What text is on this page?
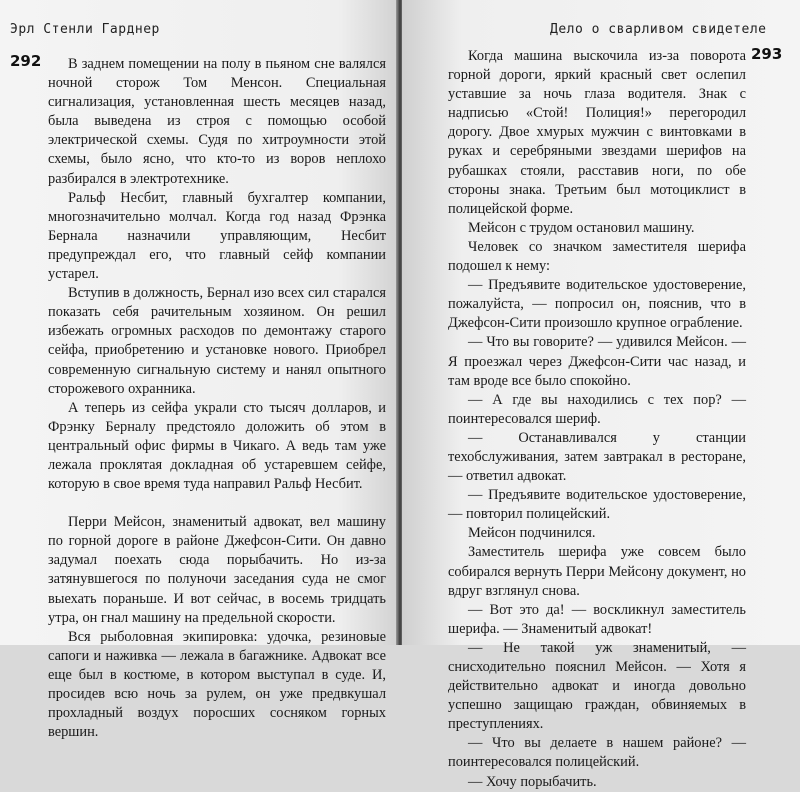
Эрл Стенли Гарднер
292	В заднем помещении на полу в пьяном сне валялся ночной сторож Том Менсон. Специальная сигнализация, установленная шесть месяцев назад, была выведена из строя с помощью особой электрической схемы. Судя по хитроумности этой схемы, было ясно, что кто-то из воров неплохо разбирался в электротехнике.

Ральф Несбит, главный бухгалтер компании, многозначительно молчал. Когда год назад Фрэнка Бернала назначили управляющим, Несбит предупреждал его, что главный сейф компании устарел.

Вступив в должность, Бернал изо всех сил старался показать себя рачительным хозяином. Он решил избежать огромных расходов по демонтажу старого сейфа, приобретению и установке нового. Приобрел современную сигнальную систему и нанял опытного сторожевого охранника.

А теперь из сейфа украли сто тысяч долларов, и Фрэнку Берналу предстояло доложить об этом в центральный офис фирмы в Чикаго. А ведь там уже лежала проклятая докладная об устаревшем сейфе, которую в свое время туда направил Ральф Несбит.

Перри Мейсон, знаменитый адвокат, вел машину по горной дороге в районе Джефсон-Сити. Он давно задумал поехать сюда порыбачить. Но из-за затянувшегося по полуночи заседания суда не смог выехать пораньше. И вот сейчас, в восемь тридцать утра, он гнал машину на предельной скорости.

Вся рыболовная экипировка: удочка, резиновые сапоги и наживка — лежала в багажнике. Адвокат все еще был в костюме, в котором выступал в суде. И, просидев всю ночь за рулем, он уже предвкушал прохладный воздух поросших сосняком горных вершин.

Дело о сварливом свидетеле
293

Когда машина выскочила из-за поворота горной дороги, яркий красный свет ослепил уставшие за ночь глаза водителя. Знак с надписью «Стой! Полиция!» перегородил дорогу. Двое хмурых мужчин с винтовками в руках и серебряными звездами шерифов на рубашках стояли, расставив ноги, по обе стороны знака. Третьим был мотоциклист в полицейской форме.

Мейсон с трудом остановил машину.

Человек со значком заместителя шерифа подошел к нему:

— Предъявите водительское удостоверение, пожалуйста, — попросил он, пояснив, что в Джефсон-Сити произошло крупное ограбление.

— Что вы говорите? — удивился Мейсон. — Я проезжал через Джефсон-Сити час назад, и там вроде все было спокойно.

— А где вы находились с тех пор? — поинтересовался шериф.

— Останавливался у станции техобслуживания, затем завтракал в ресторане, — ответил адвокат.

— Предъявите водительское удостоверение, — повторил полицейский.

Мейсон подчинился.

Заместитель шерифа уже совсем было собирался вернуть Перри Мейсону документ, но вдруг взглянул снова.

— Вот это да! — воскликнул заместитель шерифа. — Знаменитый адвокат!

— Не такой уж знаменитый, — снисходительно пояснил Мейсон. — Хотя я действительно адвокат и иногда довольно успешно защищаю граждан, обвиняемых в преступлениях.

— Что вы делаете в нашем районе? — поинтересовался полицейский.

— Хочу порыбачить.
